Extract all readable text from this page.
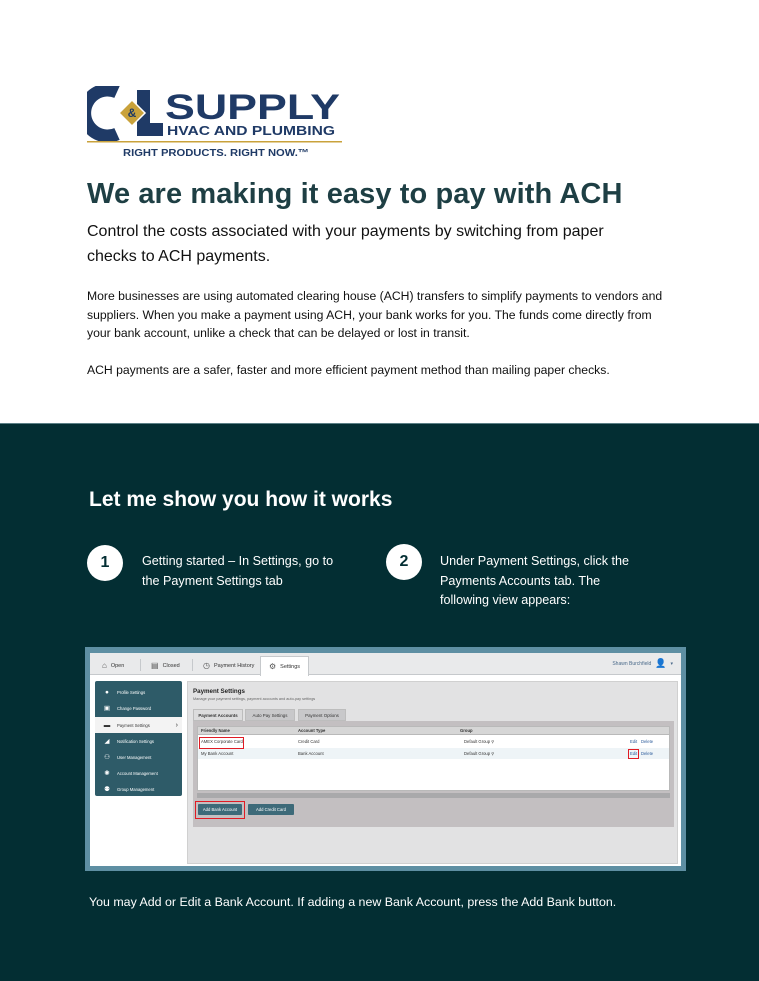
& SUPPLY
HVAC AND PLUMBING
RIGHT PRODUCTS. RIGHT NOW.™
We are making it easy to pay with ACH
Control the costs associated with your payments by switching from paper checks to ACH payments.
More businesses are using automated clearing house (ACH) transfers to simplify payments to vendors and suppliers. When you make a payment using ACH, your bank works for you. The funds come directly from your bank account, unlike a check that can be delayed or lost in transit.
ACH payments are a safer, faster and more efficient payment method than mailing paper checks.
Let me show you how it works
1	Getting started – In Settings, go to the Payment Settings tab
2	Under Payment Settings, click the Payments Accounts tab. The following view appears:
⌂ Open	▤ Closed	◷ Payment History ⚙ Settings	Shawn Burchfield 👤 ▾
●	Profile Settings
▣ Change Password
▬ Payment Settings	›
◢	Notification Settings
⚇ User Management
✺	Account Management
⚉ Group Management
Payment Settings
Manage your payment settings, payment accounts and auto-pay settings
Payment Accounts	Auto Pay Settings	Payment Options
Friendly Name	Account Type	Group
AMEX Corporate Card	Credit Card	Default Group ⚲	Edit Delete
My Bank Account	Bank Account	Default Group ⚲	Edit Delete
Add Bank Account	Add Credit Card
You may Add or Edit a Bank Account. If adding a new Bank Account, press the Add Bank button.
